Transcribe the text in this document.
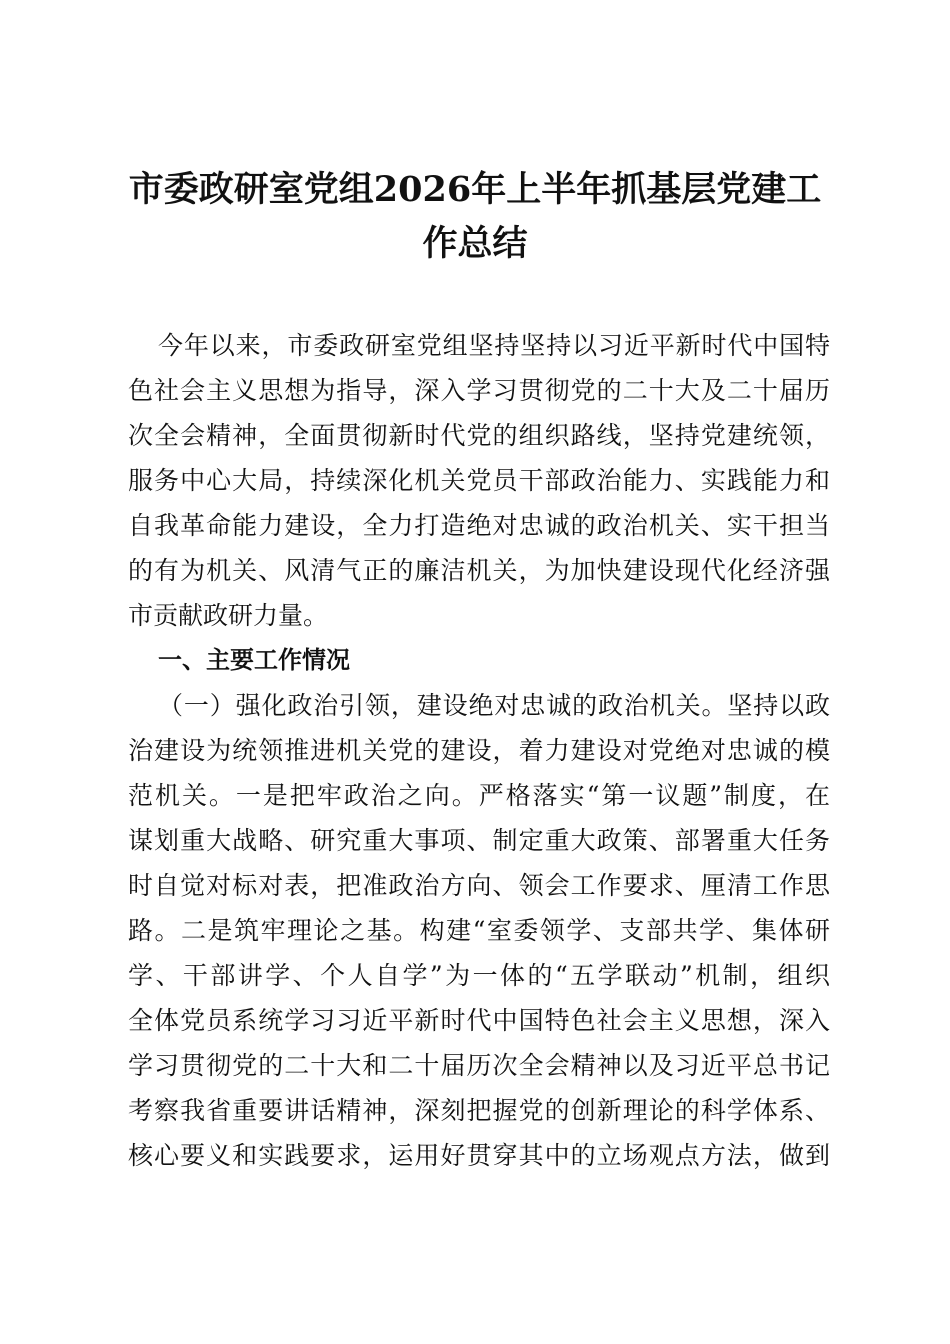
市委政研室党组2026年上半年抓基层党建工
作总结
今年以来，市委政研室党组坚持坚持以习近平新时代中国特
色社会主义思想为指导，深入学习贯彻党的二十大及二十届历
次全会精神，全面贯彻新时代党的组织路线，坚持党建统领，
服务中心大局，持续深化机关党员干部政治能力、实践能力和
自我革命能力建设，全力打造绝对忠诚的政治机关、实干担当
的有为机关、风清气正的廉洁机关，为加快建设现代化经济强
市贡献政研力量。
一、主要工作情况
（一）强化政治引领，建设绝对忠诚的政治机关。坚持以政
治建设为统领推进机关党的建设，着力建设对党绝对忠诚的模
范机关。一是把牢政治之向。严格落实“第一议题”制度，在
谋划重大战略、研究重大事项、制定重大政策、部署重大任务
时自觉对标对表，把准政治方向、领会工作要求、厘清工作思
路。二是筑牢理论之基。构建“室委领学、支部共学、集体研
学、干部讲学、个人自学”为一体的“五学联动”机制，组织
全体党员系统学习习近平新时代中国特色社会主义思想，深入
学习贯彻党的二十大和二十届历次全会精神以及习近平总书记
考察我省重要讲话精神，深刻把握党的创新理论的科学体系、
核心要义和实践要求，运用好贯穿其中的立场观点方法，做到
